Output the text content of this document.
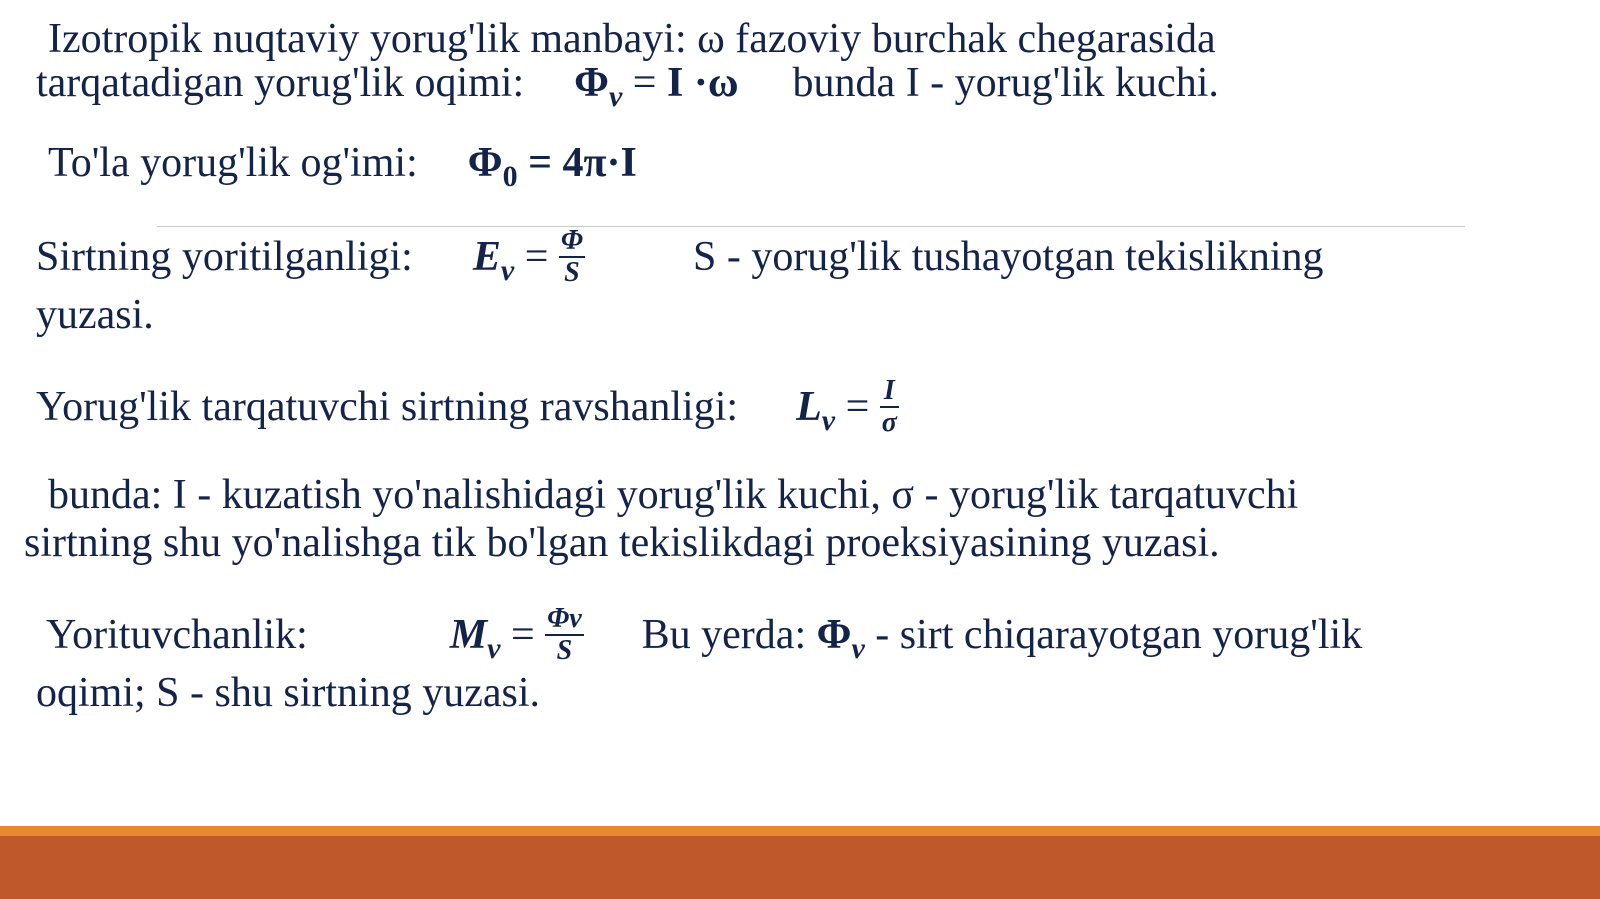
Izotropik nuqtaviy yorug'lik manbayi: ω fazoviy burchak chegarasida
tarqatadigan yorug'lik oqimi: $\Phi_v = I \cdot\omega$ bunda I - yorug'lik kuchi.
To'la yorug'lik og'imi: $\Phi_0 = 4\pi\cdot I$
Sirtning yoritilganligi: $E_v = \frac{\Phi}{S}$	S - yorug'lik tushayotgan tekislikning
yuzasi.
Yorug'lik tarqatuvchi sirtning ravshanligi: $L_v = \frac{I}{\sigma}$
bunda: I - kuzatish yo'nalishidagi yorug'lik kuchi, σ - yorug'lik tarqatuvchi
sirtning shu yo'nalishga tik bo'lgan tekislikdagi proeksiyasining yuzasi.
Yorituvchanlik:	$M_v = \frac{\Phi v}{S}$ Bu yerda: $\Phi_v$ - sirt chiqarayotgan yorug'lik
oqimi; S - shu sirtning yuzasi.
